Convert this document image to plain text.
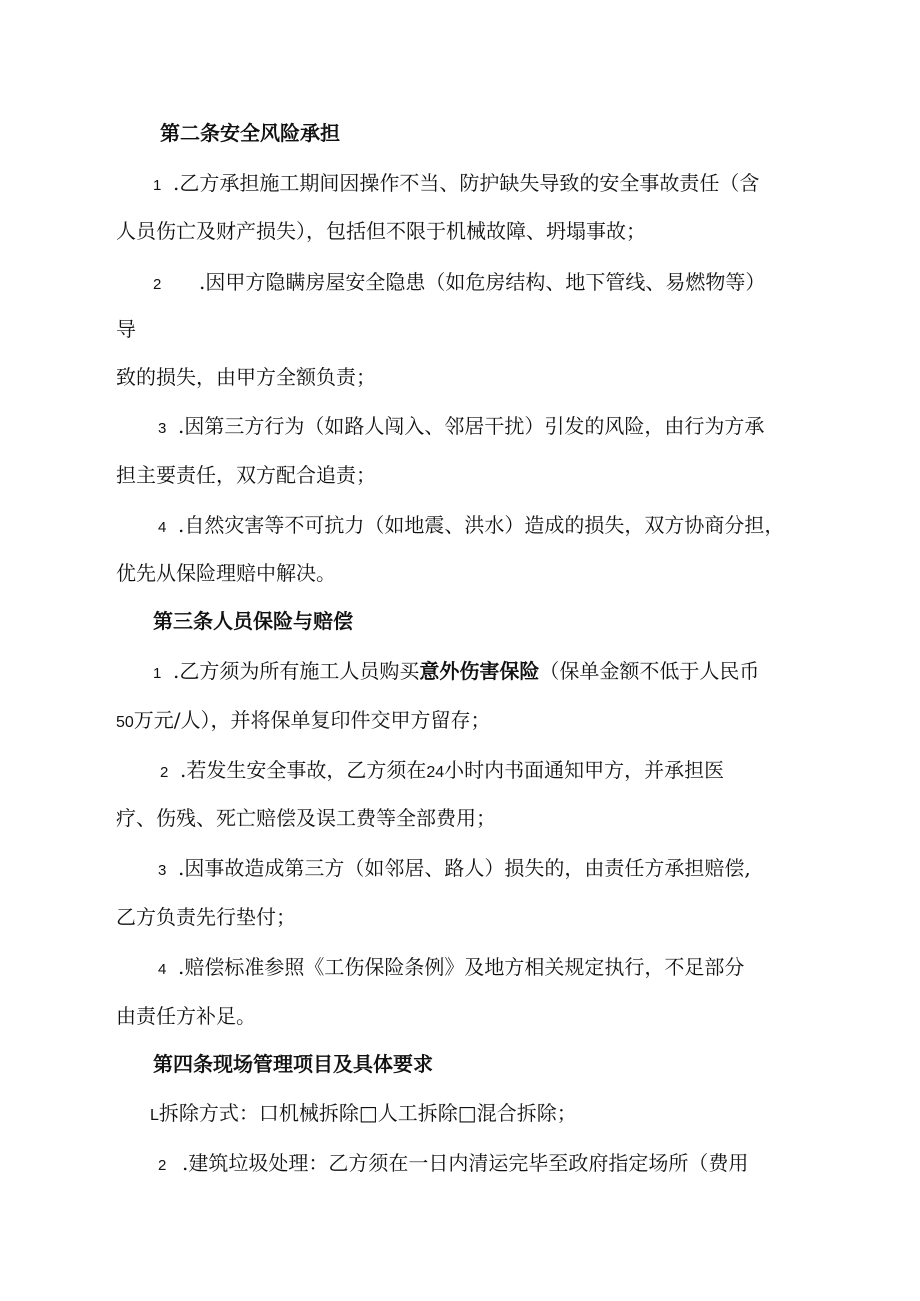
第二条安全风险承担
1 .乙方承担施工期间因操作不当、防护缺失导致的安全事故责任（含
人员伤亡及财产损失），包括但不限于机械故障、坍塌事故；
2 .因甲方隐瞒房屋安全隐患（如危房结构、地下管线、易燃物等）
导
致的损失，由甲方全额负责；
3 .因第三方行为（如路人闯入、邻居干扰）引发的风险，由行为方承
担主要责任，双方配合追责；
4 .自然灾害等不可抗力（如地震、洪水）造成的损失，双方协商分担，
优先从保险理赔中解决。
第三条人员保险与赔偿
1 .乙方须为所有施工人员购买意外伤害保险（保单金额不低于人民币
50万元/人），并将保单复印件交甲方留存；
2 .若发生安全事故，乙方须在24小时内书面通知甲方，并承担医
疗、伤残、死亡赔偿及误工费等全部费用；
3 .因事故造成第三方（如邻居、路人）损失的，由责任方承担赔偿,
乙方负责先行垫付；
4 .赔偿标准参照《工伤保险条例》及地方相关规定执行，不足部分
由责任方补足。
第四条现场管理项目及具体要求
L拆除方式：口机械拆除□人工拆除□混合拆除；
2 .建筑垃圾处理：乙方须在一日内清运完毕至政府指定场所（费用
